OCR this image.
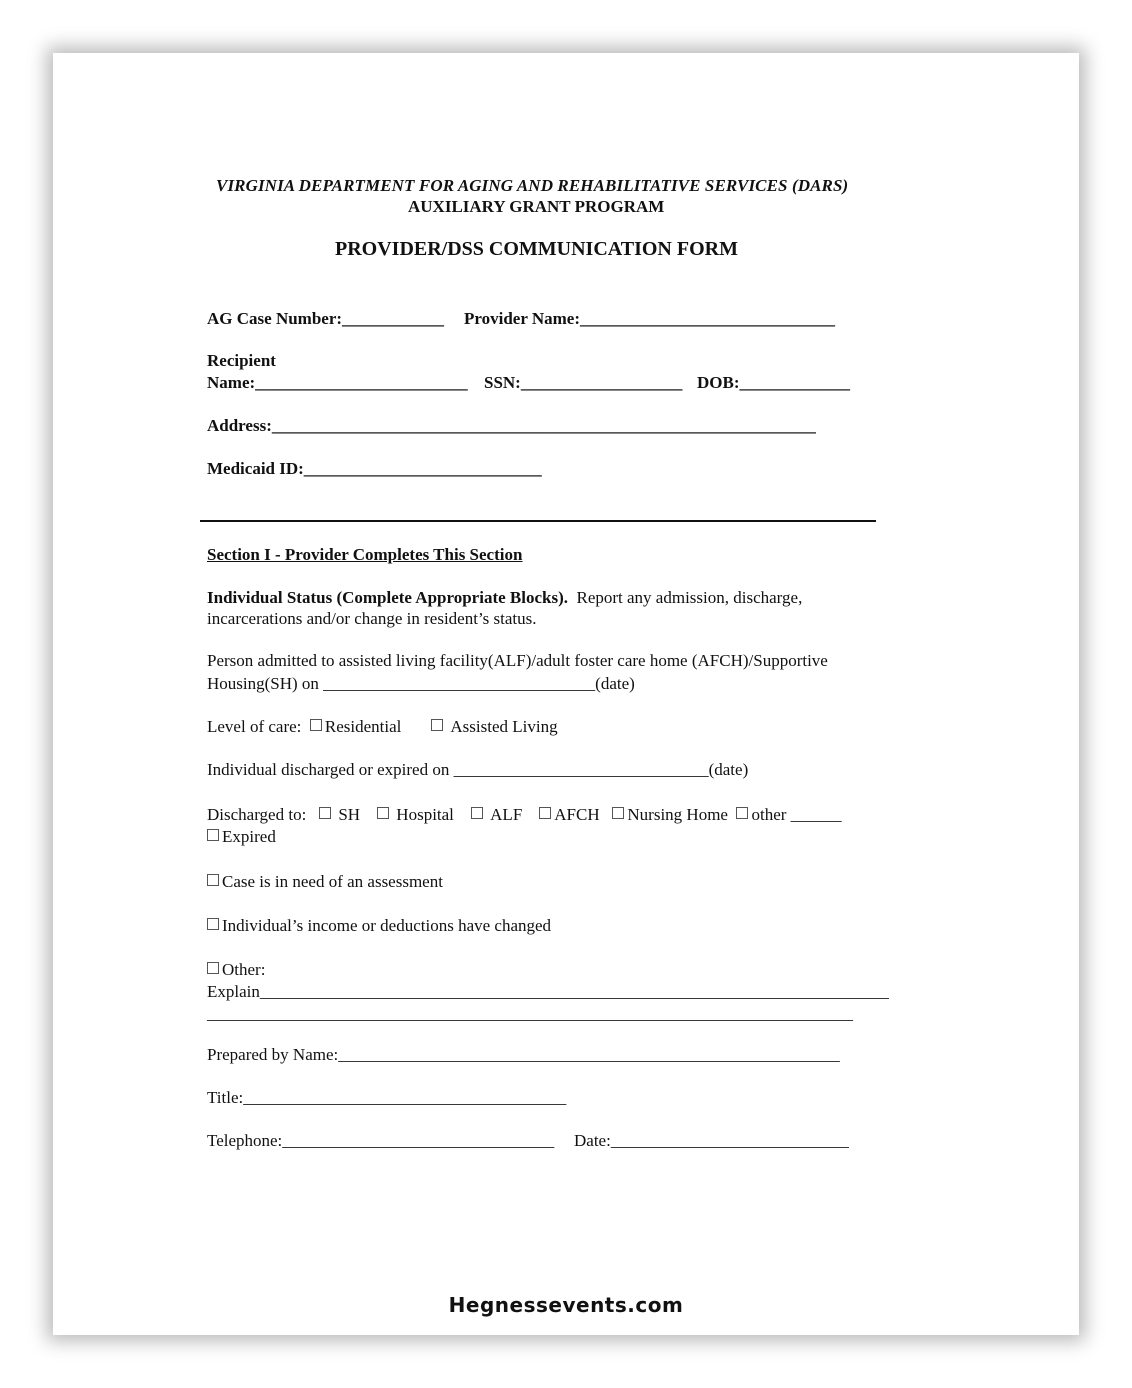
VIRGINIA DEPARTMENT FOR AGING AND REHABILITATIVE SERVICES (DARS)
AUXILIARY GRANT PROGRAM
PROVIDER/DSS COMMUNICATION FORM
AG Case Number:____________ Provider Name:______________________________
Recipient
Name:_________________________ SSN:___________________ DOB:_____________
Address:________________________________________________________________
Medicaid ID:____________________________
Section I - Provider Completes This Section
Individual Status (Complete Appropriate Blocks). Report any admission, discharge,
incarcerations and/or change in resident’s status.
Person admitted to assisted living facility(ALF)/adult foster care home (AFCH)/Supportive
Housing(SH) on ________________________________(date)
Level of care: Residential	Assisted Living
Individual discharged or expired on ______________________________(date)
Discharged to: SH Hospital ALF AFCH Nursing Home other ______
Expired
Case is in need of an assessment
Individual’s income or deductions have changed
Other:
Explain__________________________________________________________________________
____________________________________________________________________________
Prepared by Name:___________________________________________________________
Title:______________________________________
Telephone:________________________________ Date:____________________________
Hegnessevents.com
